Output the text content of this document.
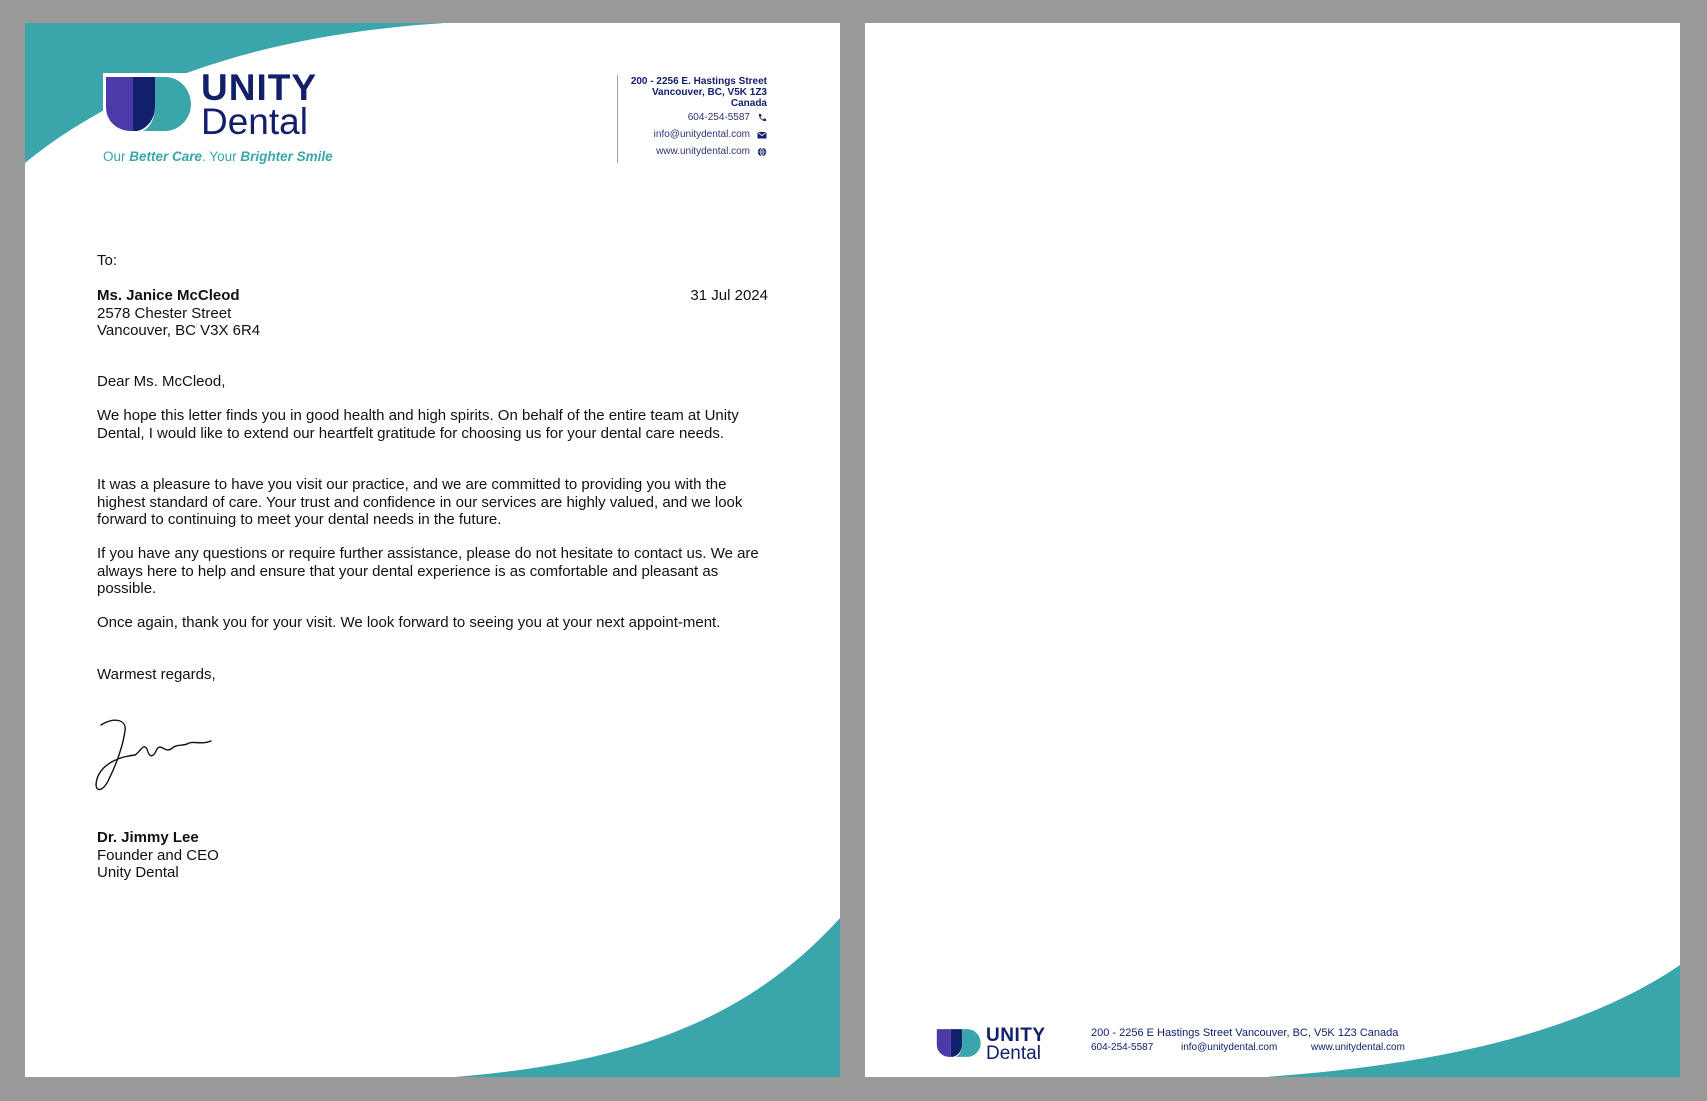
UNITY
Dental
Our Better Care. Your Brighter Smile
200 - 2256 E. Hastings Street
Vancouver, BC, V5K 1Z3
Canada
604-254-5587
info@unitydental.com
www.unitydental.com
To:
Ms. Janice McCleod
2578 Chester Street
Vancouver, BC V3X 6R4
31 Jul 2024
Dear Ms. McCleod,
We hope this letter finds you in good health and high spirits. On behalf of the entire team at Unity Dental, I would like to extend our heartfelt gratitude for choosing us for your dental care needs.
It was a pleasure to have you visit our practice, and we are committed to providing you with the highest standard of care. Your trust and confidence in our services are highly valued, and we look forward to continuing to meet your dental needs in the future.
If you have any questions or require further assistance, please do not hesitate to contact us. We are always here to help and ensure that your dental experience is as comfortable and pleasant as possible.
Once again, thank you for your visit. We look forward to seeing you at your next appoint-ment.
Warmest regards,
Dr. Jimmy Lee
Founder and CEO
Unity Dental
UNITY
Dental
200 - 2256 E Hastings Street Vancouver, BC, V5K 1Z3 Canada
604-254-5587	info@unitydental.com	www.unitydental.com
